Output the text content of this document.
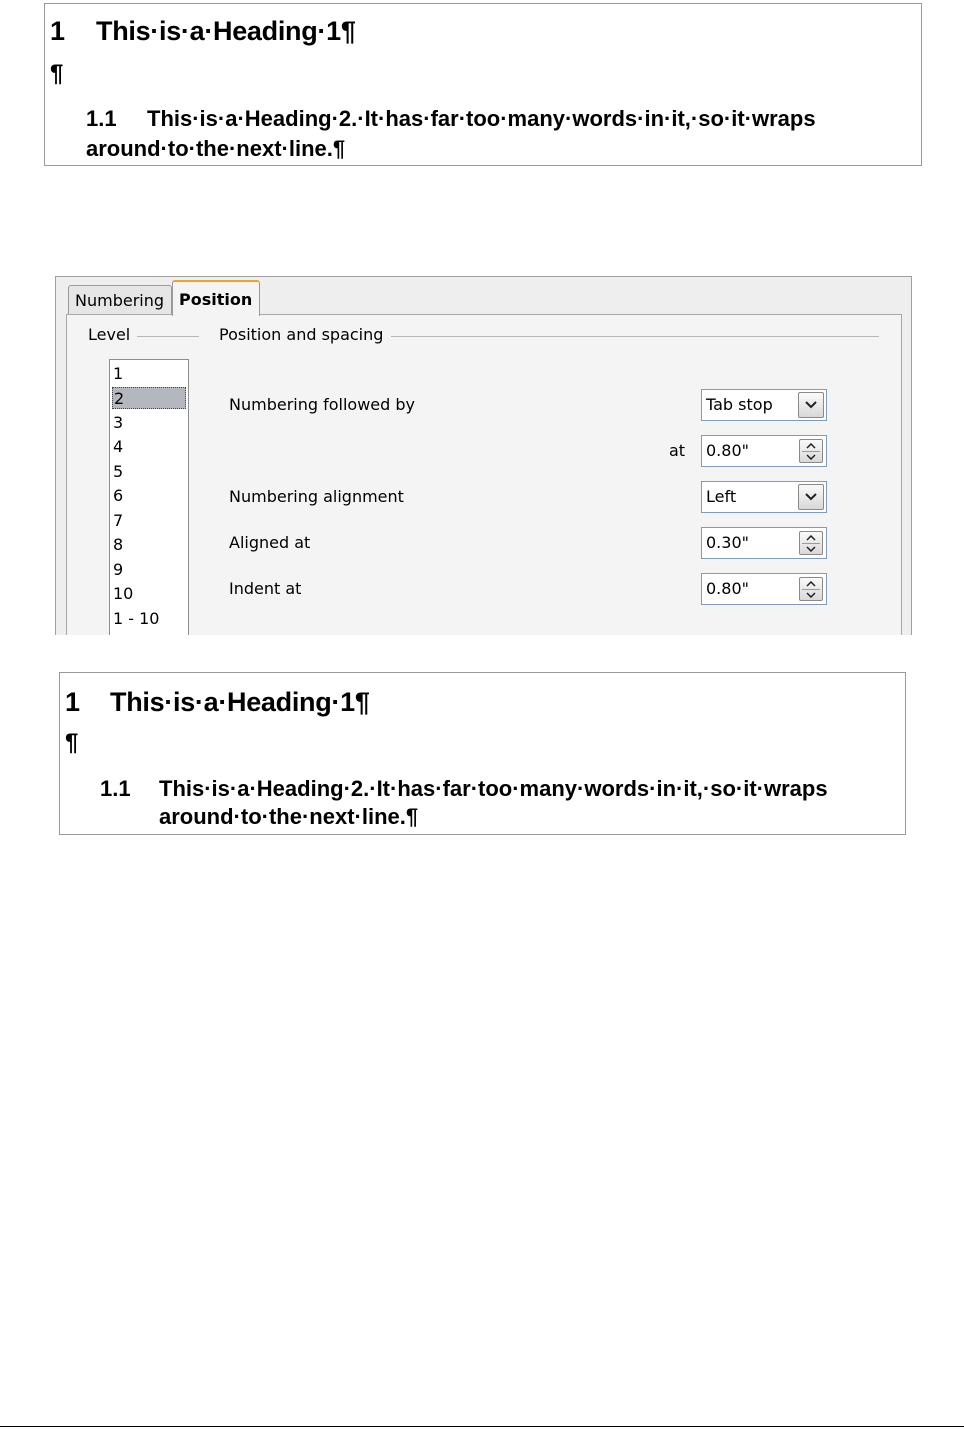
1 This·is·a·Heading·1¶
¶
1.1 This·is·a·Heading·2.·It·has·far·too·many·words·in·it,·so·it·wraps
around·to·the·next·line.¶
Numbering Position
Level
1
2
3
4
5
6
7
8
9
10
1 - 10
Position and spacing
Numbering followed by	Tab stop
at 0.80"
Numbering alignment	Left
Aligned at	0.30"
Indent at	0.80"
1 This·is·a·Heading·1¶
¶
1.1 This·is·a·Heading·2.·It·has·far·too·many·words·in·it,·so·it·wraps
around·to·the·next·line.¶
